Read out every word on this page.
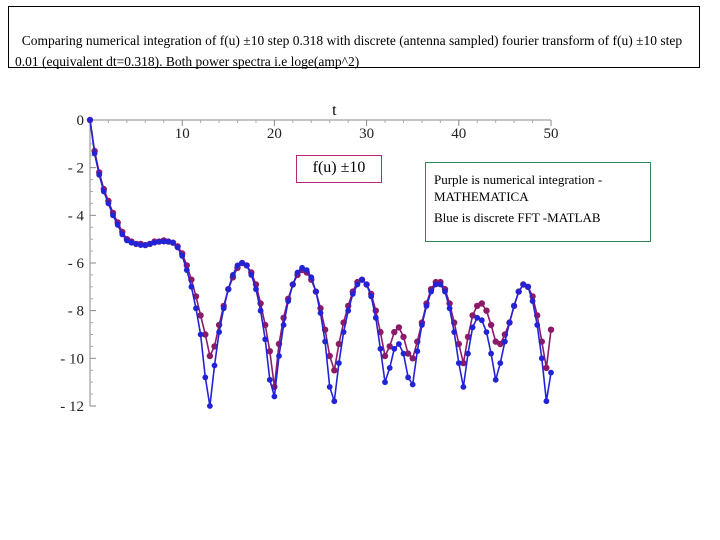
Comparing numerical integration of f(u) ±10 step 0.318 with discrete (antenna sampled) fourier transform of f(u) ±10 step 0.01 (equivalent dt=0.318). Both power spectra i.e loge(amp^2)

10	20	30	40	50
0
- 2
- 4
- 6
- 8
- 10
- 12
t
f(u) ±10
Purple is numerical integration - MATHEMATICA
Blue is discrete FFT -MATLAB
